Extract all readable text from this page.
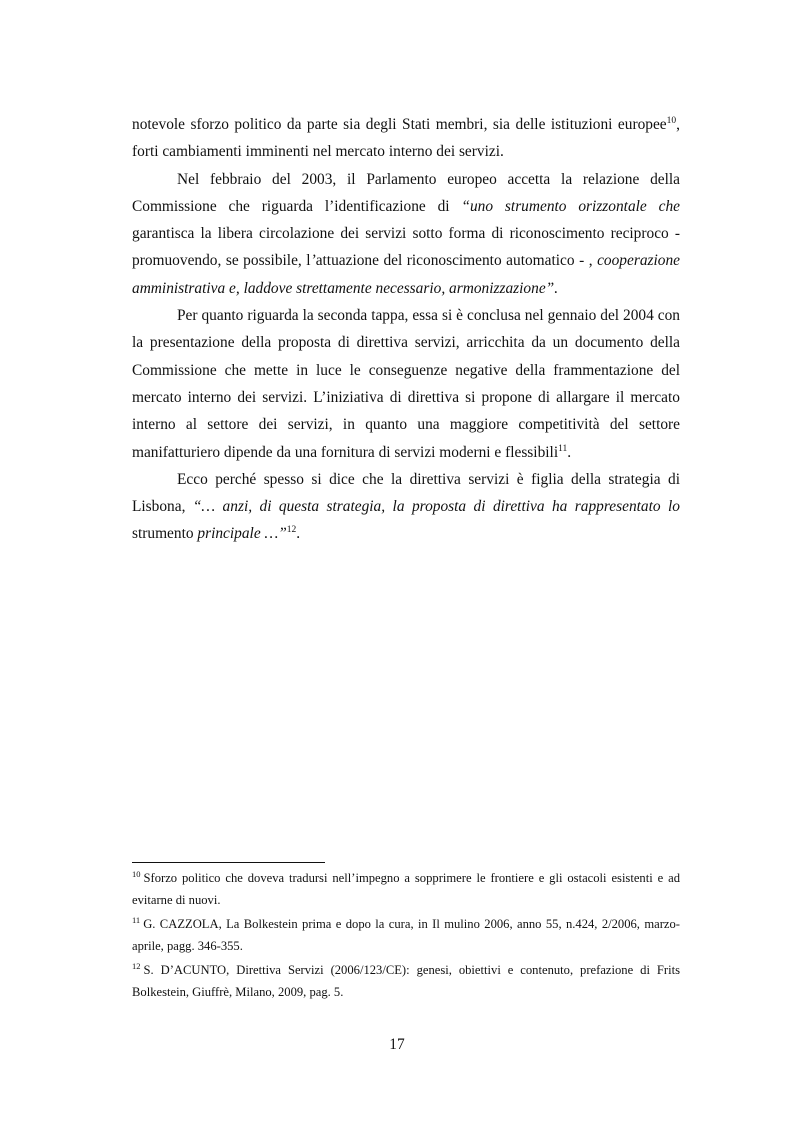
notevole sforzo politico da parte sia degli Stati membri, sia delle istituzioni europee$^{10}$, forti cambiamenti imminenti nel mercato interno dei servizi.

Nel febbraio del 2003, il Parlamento europeo accetta la relazione della Commissione che riguarda l’identificazione di “uno strumento orizzontale che garantisca la libera circolazione dei servizi sotto forma di riconoscimento reciproco - promuovendo, se possibile, l’attuazione del riconoscimento automatico - , cooperazione amministrativa e, laddove strettamente necessario, armonizzazione”.

Per quanto riguarda la seconda tappa, essa si è conclusa nel gennaio del 2004 con la presentazione della proposta di direttiva servizi, arricchita da un documento della Commissione che mette in luce le conseguenze negative della frammentazione del mercato interno dei servizi. L’iniziativa di direttiva si propone di allargare il mercato interno al settore dei servizi, in quanto una maggiore competitività del settore manifatturiero dipende da una fornitura di servizi moderni e flessibili$^{11}$.

Ecco perché spesso si dice che la direttiva servizi è figlia della strategia di Lisbona, “… anzi, di questa strategia, la proposta di direttiva ha rappresentato lo strumento principale …”$^{12}$.

$^{10}$ Sforzo politico che doveva tradursi nell’impegno a sopprimere le frontiere e gli ostacoli esistenti e ad evitarne di nuovi.

$^{11}$ G. CAZZOLA, La Bolkestein prima e dopo la cura, in Il mulino 2006, anno 55, n.424, 2/2006, marzo-aprile, pagg. 346-355.

$^{12}$ S. D’ACUNTO, Direttiva Servizi (2006/123/CE): genesi, obiettivi e contenuto, prefazione di Frits Bolkestein, Giuffrè, Milano, 2009, pag. 5.

17
